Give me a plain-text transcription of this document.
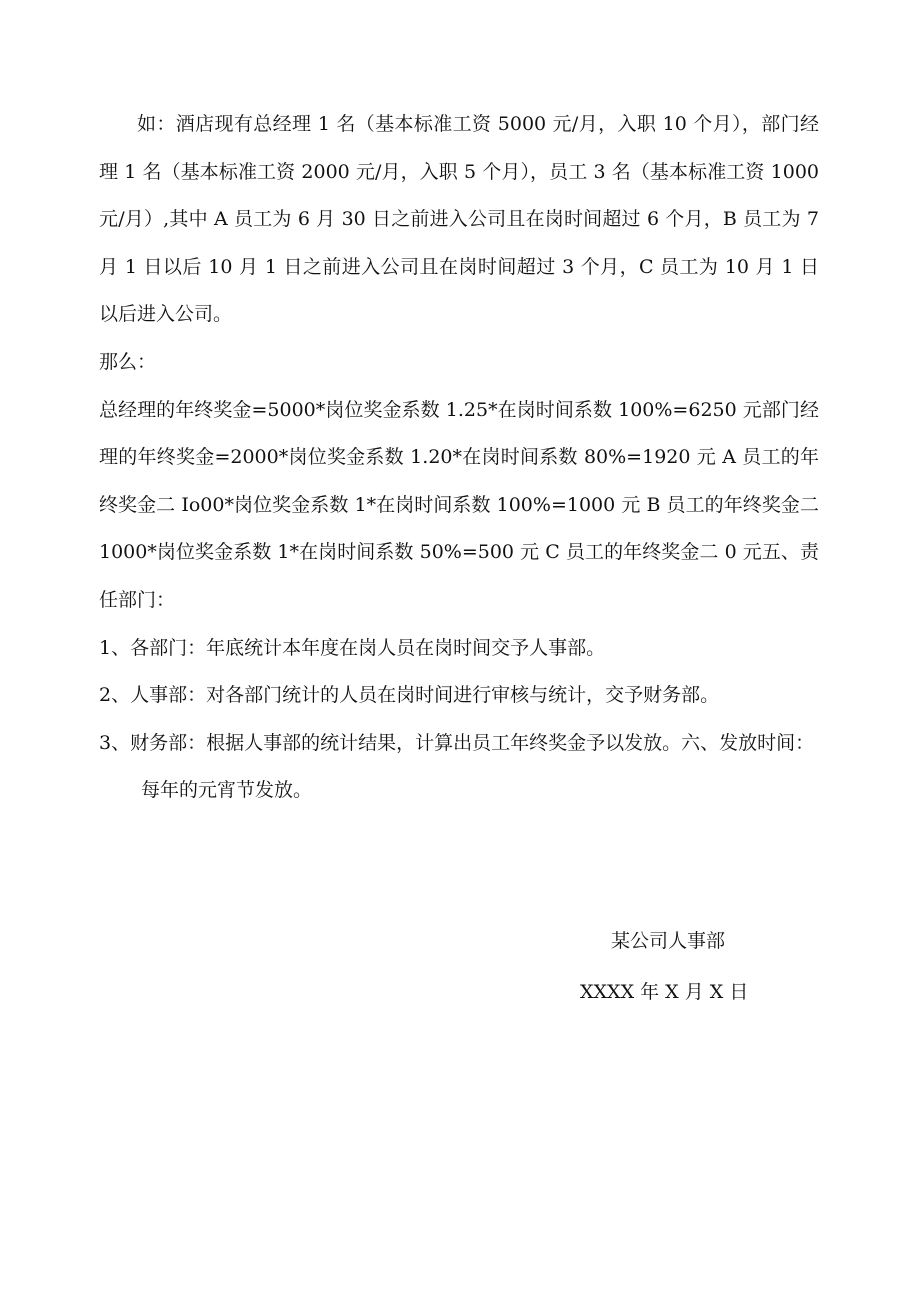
如：酒店现有总经理 1 名（基本标准工资 5000 元/月，入职 10 个月），部门经理 1 名（基本标准工资 2000 元/月，入职 5 个月），员工 3 名（基本标准工资 1000 元/月）,其中 A 员工为 6 月 30 日之前进入公司且在岗时间超过 6 个月，B 员工为 7 月 1 日以后 10 月 1 日之前进入公司且在岗时间超过 3 个月，C 员工为 10 月 1 日以后进入公司。

那么：

总经理的年终奖金=5000*岗位奖金系数 1.25*在岗时间系数 100%=6250 元部门经理的年终奖金=2000*岗位奖金系数 1.20*在岗时间系数 80%=1920 元 A 员工的年终奖金二 Io00*岗位奖金系数 1*在岗时间系数 100%=1000 元 B 员工的年终奖金二 1000*岗位奖金系数 1*在岗时间系数 50%=500 元 C 员工的年终奖金二 0 元五、责任部门：

1、各部门：年底统计本年度在岗人员在岗时间交予人事部。

2、人事部：对各部门统计的人员在岗时间进行审核与统计，交予财务部。

3、财务部：根据人事部的统计结果，计算出员工年终奖金予以发放。六、发放时间：

每年的元宵节发放。

某公司人事部
XXXX 年 X 月 X 日
